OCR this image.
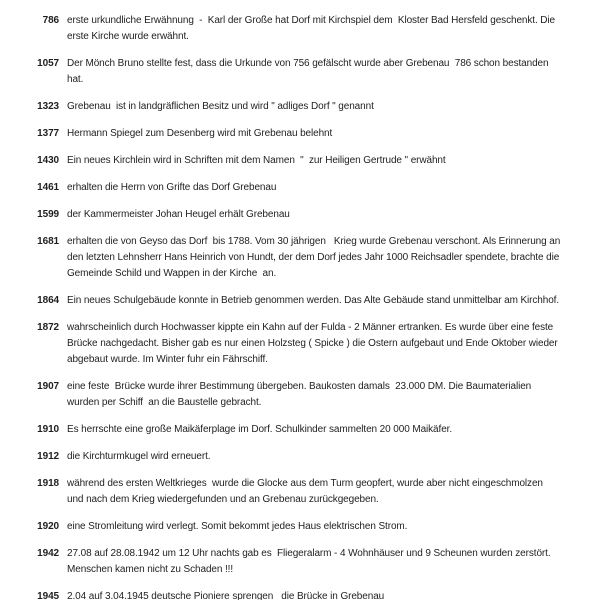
786 erste urkundliche Erwähnung  -  Karl der Große hat Dorf mit Kirchspiel dem  Kloster Bad Hersfeld geschenkt. Die
erste Kirche wurde erwähnt.
1057 Der Mönch Bruno stellte fest, dass die Urkunde von 756 gefälscht wurde aber Grebenau  786 schon bestanden
hat.
1323 Grebenau  ist in landgräflichen Besitz und wird " adliges Dorf " genannt
1377 Hermann Spiegel zum Desenberg wird mit Grebenau belehnt
1430 Ein neues Kirchlein wird in Schriften mit dem Namen  "  zur Heiligen Gertrude " erwähnt
1461 erhalten die Herrn von Grifte das Dorf Grebenau
1599 der Kammermeister Johan Heugel erhält Grebenau
1681 erhalten die von Geyso das Dorf  bis 1788. Vom 30 jährigen   Krieg wurde Grebenau verschont. Als Erinnerung an
den letzten Lehnsherr Hans Heinrich von Hundt, der dem Dorf jedes Jahr 1000 Reichsadler spendete, brachte die
Gemeinde Schild und Wappen in der Kirche  an.
1864 Ein neues Schulgebäude konnte in Betrieb genommen werden. Das Alte Gebäude stand unmittelbar am Kirchhof.
1872 wahrscheinlich durch Hochwasser kippte ein Kahn auf der Fulda - 2 Männer ertranken. Es wurde über eine feste
Brücke nachgedacht. Bisher gab es nur einen Holzsteg ( Spicke ) die Ostern aufgebaut und Ende Oktober wieder
abgebaut wurde. Im Winter fuhr ein Fährschiff.
1907 eine feste  Brücke wurde ihrer Bestimmung übergeben. Baukosten damals  23.000 DM. Die Baumaterialien
wurden per Schiff  an die Baustelle gebracht.
1910 Es herrschte eine große Maikäferplage im Dorf. Schulkinder sammelten 20 000 Maikäfer.
1912 die Kirchturmkugel wird erneuert.
1918 während des ersten Weltkrieges  wurde die Glocke aus dem Turm geopfert, wurde aber nicht eingeschmolzen
und nach dem Krieg wiedergefunden und an Grebenau zurückgegeben.
1920 eine Stromleitung wird verlegt. Somit bekommt jedes Haus elektrischen Strom.
1942 27.08 auf 28.08.1942 um 12 Uhr nachts gab es  Fliegeralarm - 4 Wohnhäuser und 9 Scheunen wurden zerstört.
Menschen kamen nicht zu Schaden !!!
1945 2.04 auf 3.04.1945 deutsche Pioniere sprengen   die Brücke in Grebenau
